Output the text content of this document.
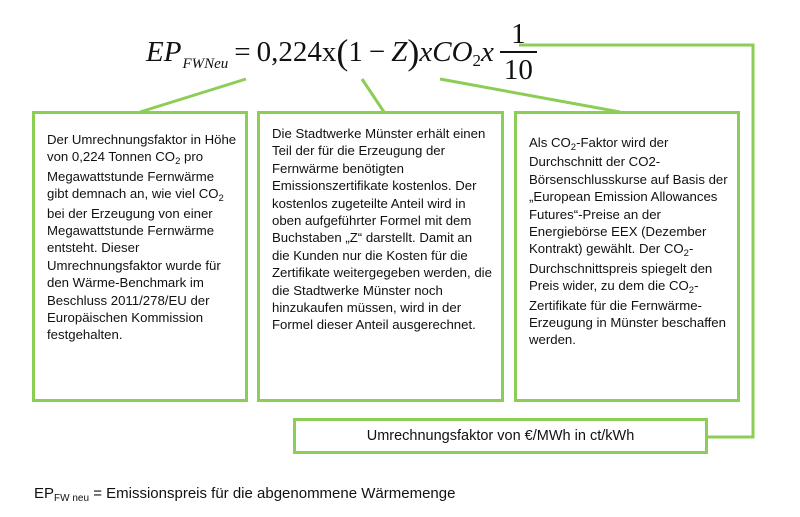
EP FWNeu = 0,224x ( 1 − Z ) x CO 2 x $\frac{1}{10}$
Der Umrechnungsfaktor in Höhe von 0,224 Tonnen $CO_2$ pro Megawattstunde Fernwärme gibt demnach an, wie viel $CO_2$ bei der Erzeugung von einer Megawattstunde Fernwärme entsteht. Dieser Umrechnungsfaktor wurde für den Wärme-Benchmark im Beschluss 2011/278/EU der Europäischen Kommission festgehalten.
Die Stadtwerke Münster erhält einen Teil der für die Erzeugung der Fernwärme benötigten Emissionszertifikate kostenlos. Der kostenlos zugeteilte Anteil wird in oben aufgeführter Formel mit dem Buchstaben „Z“ darstellt. Damit an die Kunden nur die Kosten für die Zertifikate weitergegeben werden, die die Stadtwerke Münster noch hinzukaufen müssen, wird in der Formel dieser Anteil ausgerechnet.
Als $CO_2$-Faktor wird der Durchschnitt der CO2-Börsenschlusskurse auf Basis der „European Emission Allowances Futures“-Preise an der Energiebörse EEX (Dezember Kontrakt) gewählt. Der $CO_2$-Durchschnittspreis spiegelt den Preis wider, zu dem die $CO_2$-Zertifikate für die Fernwärme-Erzeugung in Münster beschaffen werden.
Umrechnungsfaktor von €/MWh in ct/kWh
$EP_{FW neu}$ = Emissionspreis für die abgenommene Wärmemenge
